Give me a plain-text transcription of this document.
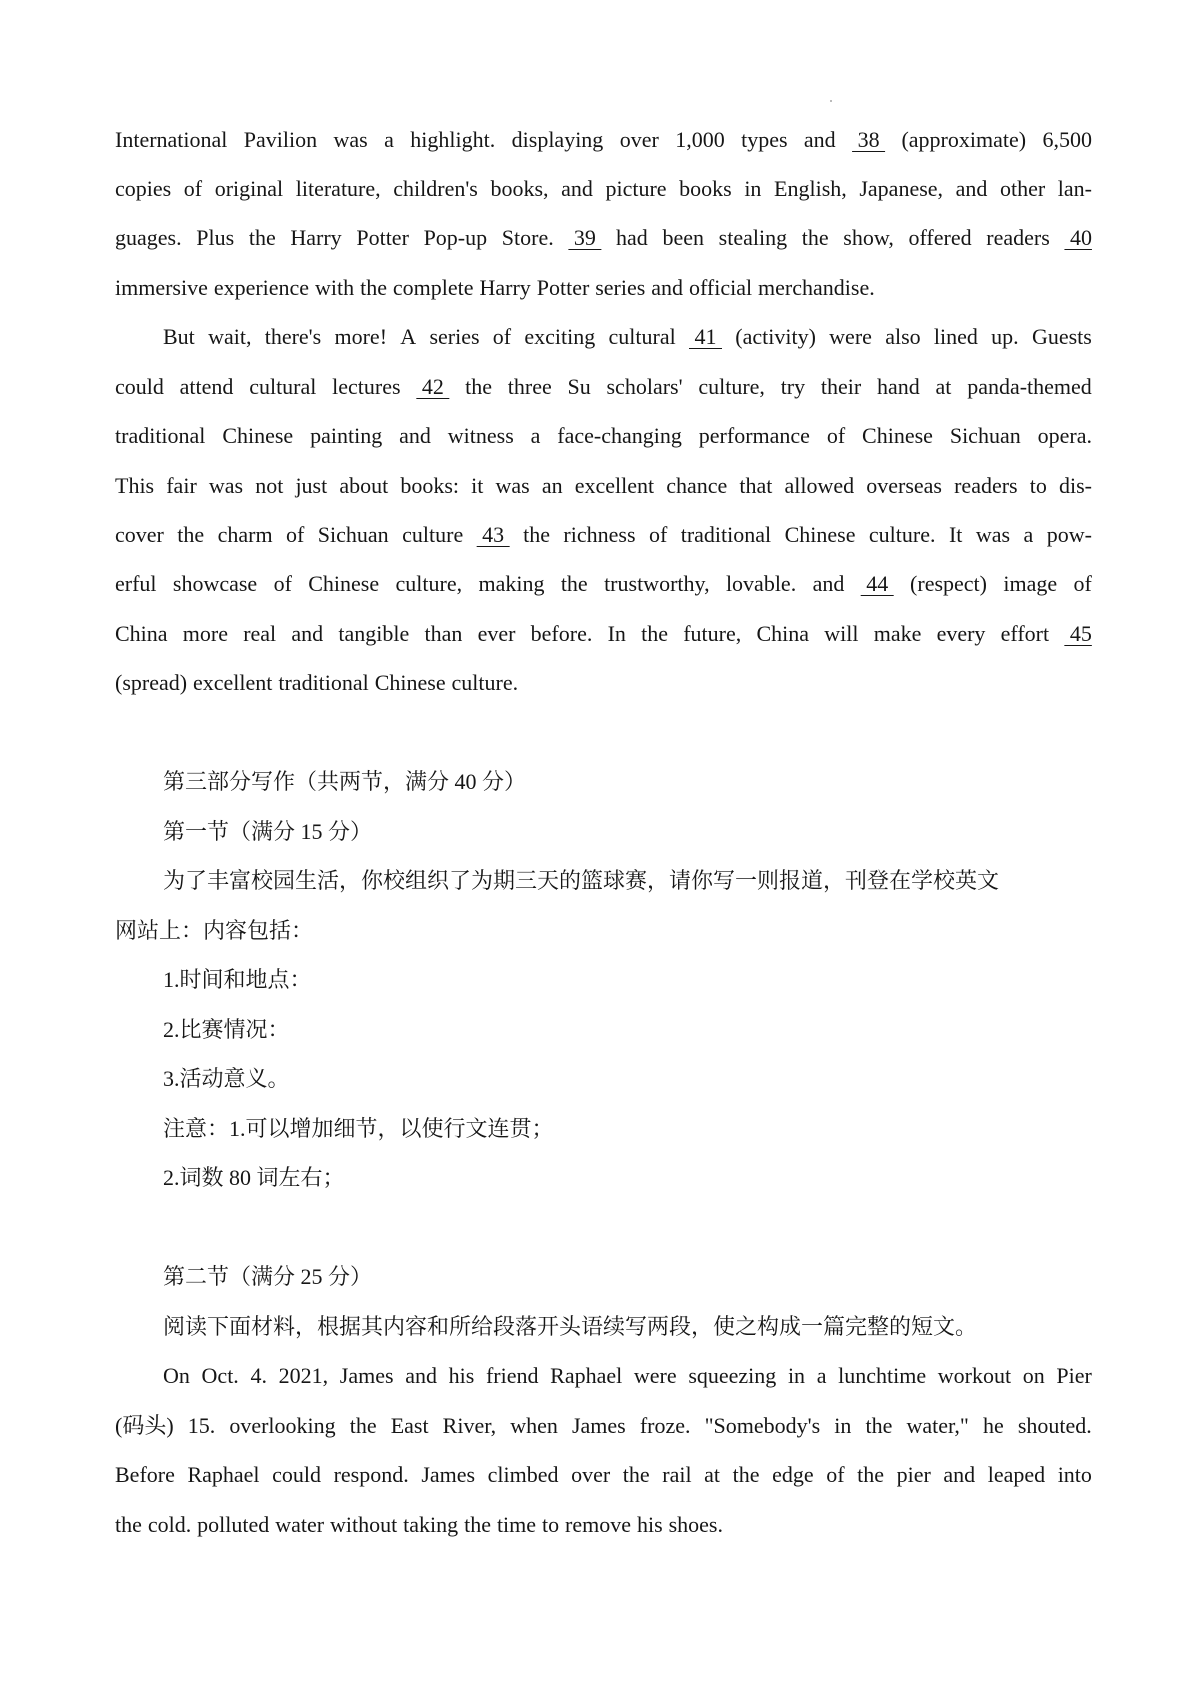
International Pavilion was a highlight. displaying over 1,000 types and 38 (approximate) 6,500
copies of original literature, children's books, and picture books in English, Japanese, and other lan-
guages. Plus the Harry Potter Pop-up Store. 39 had been stealing the show, offered readers 40
immersive experience with the complete Harry Potter series and official merchandise.
But wait, there's more! A series of exciting cultural 41 (activity) were also lined up. Guests
could attend cultural lectures 42 the three Su scholars' culture, try their hand at panda-themed
traditional Chinese painting and witness a face-changing performance of Chinese Sichuan opera.
This fair was not just about books: it was an excellent chance that allowed overseas readers to dis-
cover the charm of Sichuan culture 43 the richness of traditional Chinese culture. It was a pow-
erful showcase of Chinese culture, making the trustworthy, lovable. and 44 (respect) image of
China more real and tangible than ever before. In the future, China will make every effort 45
(spread) excellent traditional Chinese culture.
第三部分写作（共两节，满分 40 分）
第一节（满分 15 分）
为了丰富校园生活，你校组织了为期三天的篮球赛，请你写一则报道，刊登在学校英文
网站上：内容包括：
1.时间和地点：
2.比赛情况：
3.活动意义。
注意：1.可以增加细节，以使行文连贯；
2.词数 80 词左右；
第二节（满分 25 分）
阅读下面材料，根据其内容和所给段落开头语续写两段，使之构成一篇完整的短文。
On Oct. 4. 2021, James and his friend Raphael were squeezing in a lunchtime workout on Pier
(码头) 15. overlooking the East River, when James froze. "Somebody's in the water," he shouted.
Before Raphael could respond. James climbed over the rail at the edge of the pier and leaped into
the cold. polluted water without taking the time to remove his shoes.
